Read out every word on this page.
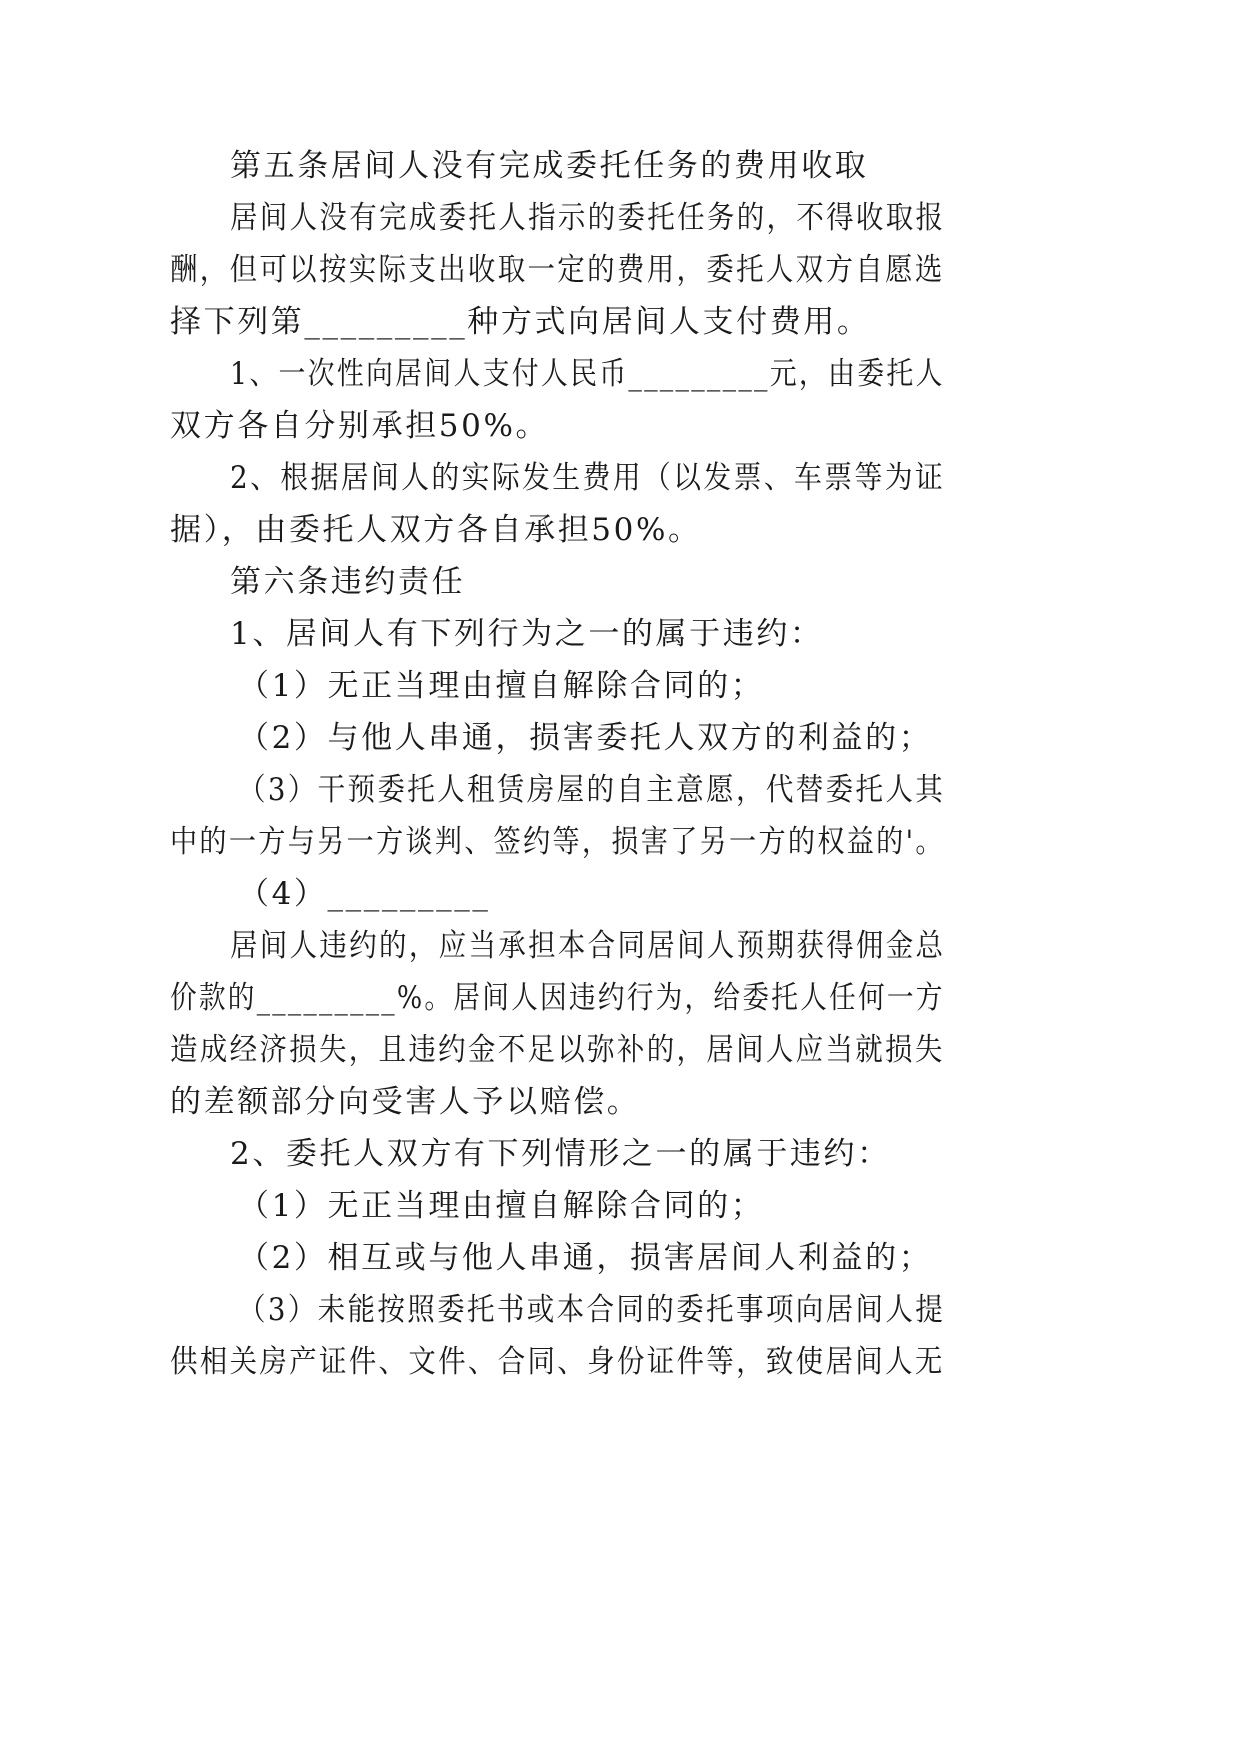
第五条居间人没有完成委托任务的费用收取
居间人没有完成委托人指示的委托任务的，不得收取报
酬，但可以按实际支出收取一定的费用，委托人双方自愿选
择下列第_________种方式向居间人支付费用。
1、一次性向居间人支付人民币_________元，由委托人
双方各自分别承担50%。
2、根据居间人的实际发生费用（以发票、车票等为证
据），由委托人双方各自承担50%。
第六条违约责任
1、居间人有下列行为之一的属于违约：
（1）无正当理由擅自解除合同的；
（2）与他人串通，损害委托人双方的利益的；
（3）干预委托人租赁房屋的自主意愿，代替委托人其
中的一方与另一方谈判、签约等，损害了另一方的权益的'。
（4）_________
居间人违约的，应当承担本合同居间人预期获得佣金总
价款的_________%。居间人因违约行为，给委托人任何一方
造成经济损失，且违约金不足以弥补的，居间人应当就损失
的差额部分向受害人予以赔偿。
2、委托人双方有下列情形之一的属于违约：
（1）无正当理由擅自解除合同的；
（2）相互或与他人串通，损害居间人利益的；
（3）未能按照委托书或本合同的委托事项向居间人提
供相关房产证件、文件、合同、身份证件等，致使居间人无
